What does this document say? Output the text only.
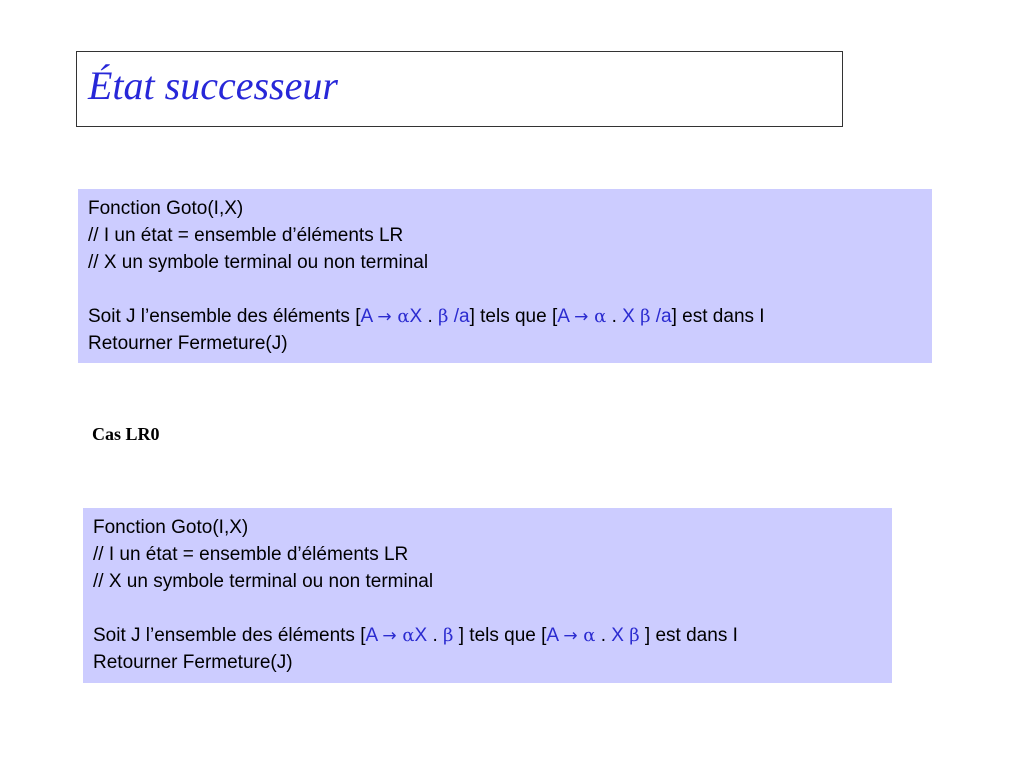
État successeur
Fonction Goto(I,X)
// I un état = ensemble d’éléments LR
// X un symbole terminal ou non terminal
Soit J l’ensemble des éléments [A → αX . β /a] tels que [A → α . X β /a] est dans I
Retourner Fermeture(J)
Cas LR0
Fonction Goto(I,X)
// I un état = ensemble d’éléments LR
// X un symbole terminal ou non terminal
Soit J l’ensemble des éléments [A → αX . β ] tels que [A → α . X β ] est dans I
Retourner Fermeture(J)
